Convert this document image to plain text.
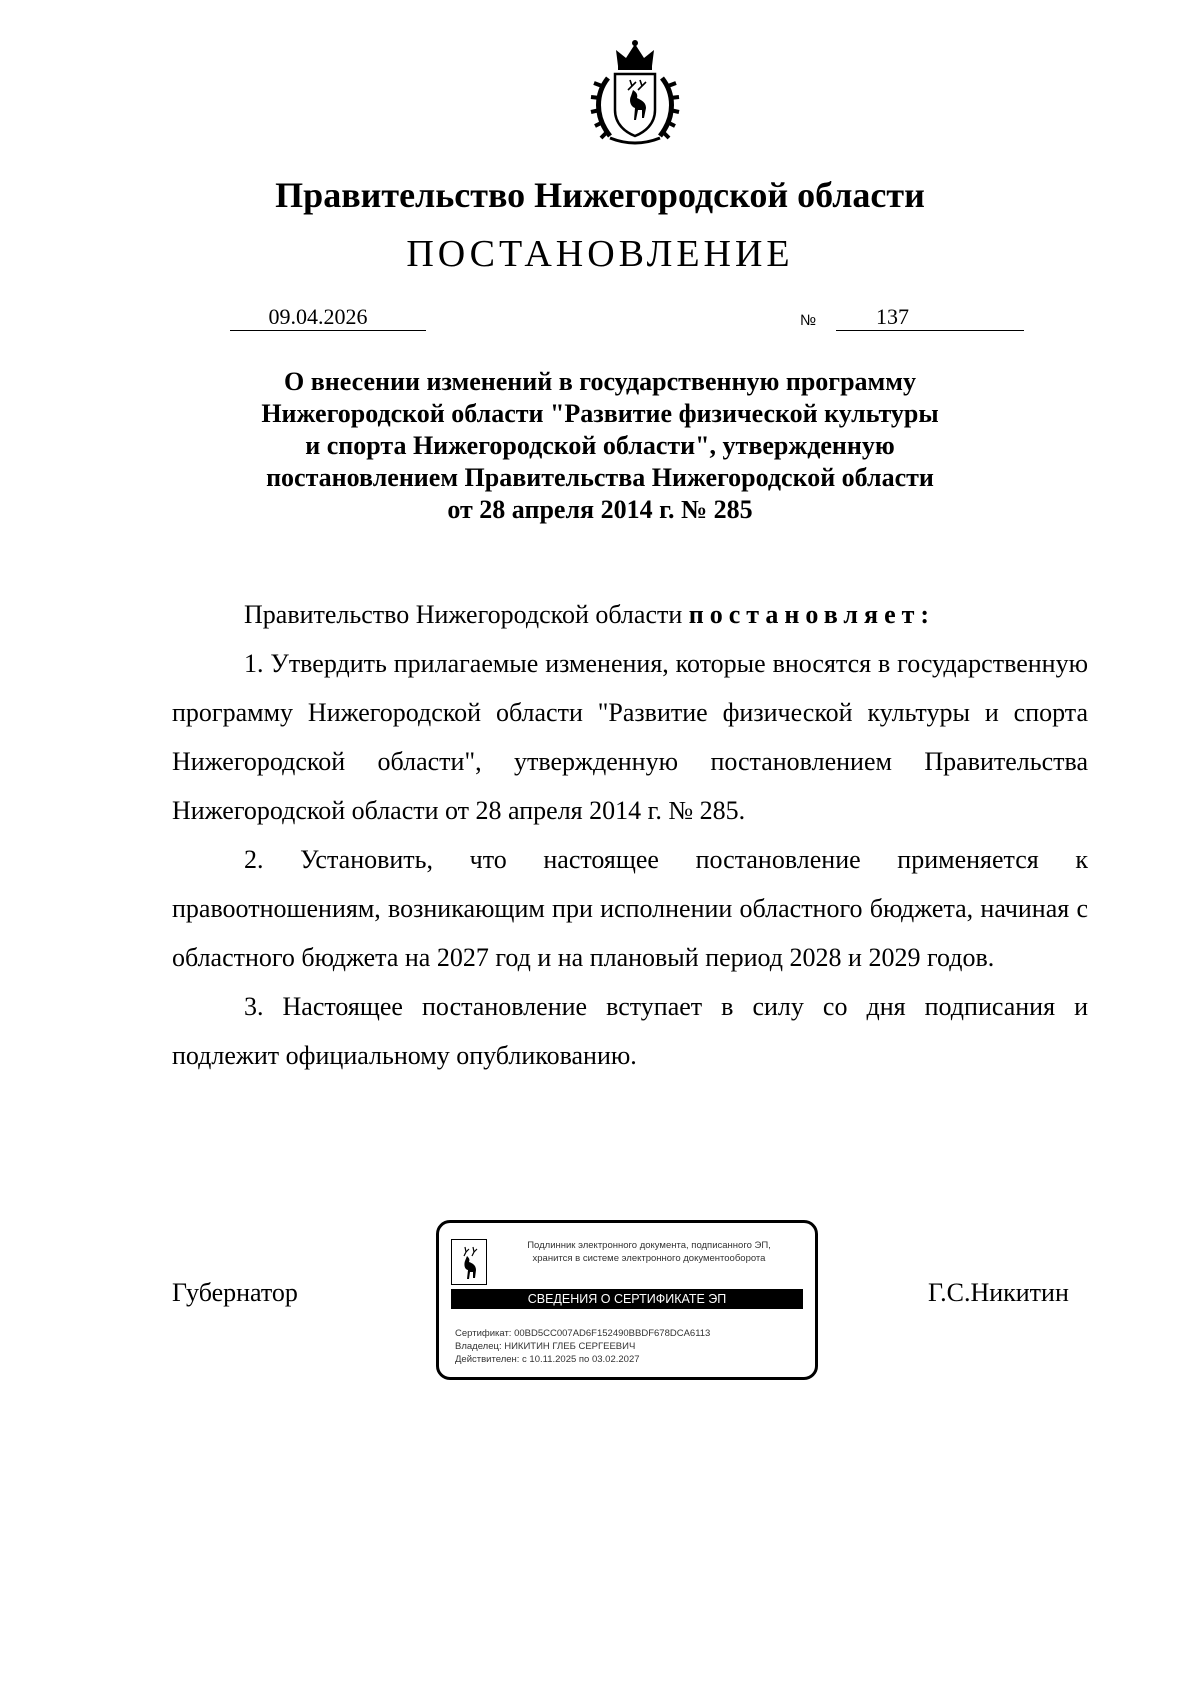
Правительство Нижегородской области
ПОСТАНОВЛЕНИЕ
09.04.2026	№	137
О внесении изменений в государственную программу
Нижегородской области "Развитие физической культуры
и спорта Нижегородской области", утвержденную
постановлением Правительства Нижегородской области
от 28 апреля 2014 г. № 285

Правительство Нижегородской области постановляет:

1. Утвердить прилагаемые изменения, которые вносятся в государственную программу Нижегородской области "Развитие физической культуры и спорта Нижегородской области", утвержденную постановлением Правительства Нижегородской области от 28 апреля 2014 г. № 285.

2. Установить, что настоящее постановление применяется к правоотношениям, возникающим при исполнении областного бюджета, начиная с областного бюджета на 2027 год и на плановый период 2028 и 2029 годов.

3. Настоящее постановление вступает в силу со дня подписания и подлежит официальному опубликованию.

Губернатор	Г.С.Никитин
Подлинник электронного документа, подписанного ЭП,
хранится в системе электронного документооборота
СВЕДЕНИЯ О СЕРТИФИКАТЕ ЭП
Сертификат: 00BD5CC007AD6F152490BBDF678DCA6113
Владелец: НИКИТИН ГЛЕБ СЕРГЕЕВИЧ
Действителен: с 10.11.2025 по 03.02.2027
